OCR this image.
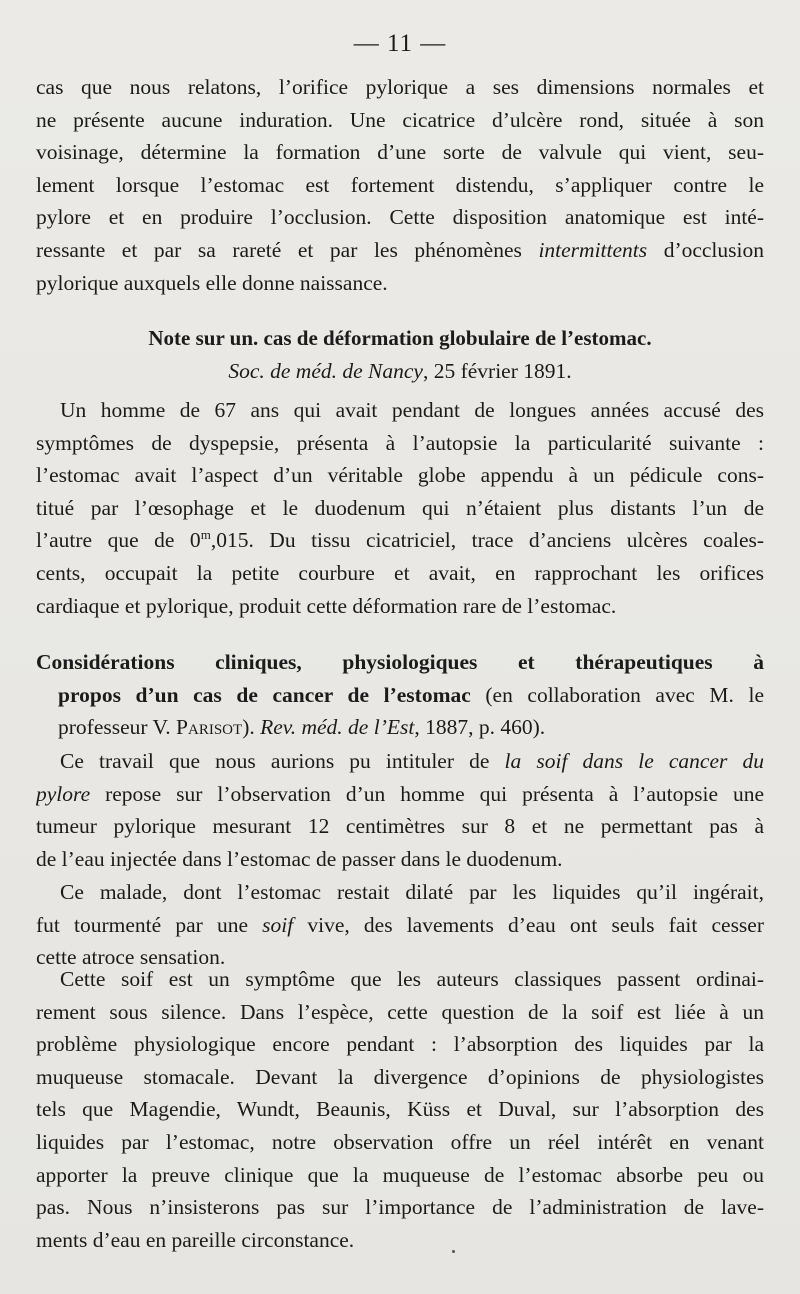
— 11 —
cas que nous relatons, l’orifice pylorique a ses dimensions normales et
ne présente aucune induration. Une cicatrice d’ulcère rond, située à son
voisinage, détermine la formation d’une sorte de valvule qui vient, seu-
lement lorsque l’estomac est fortement distendu, s’appliquer contre le
pylore et en produire l’occlusion. Cette disposition anatomique est inté-
ressante et par sa rareté et par les phénomènes intermittents d’occlusion
pylorique auxquels elle donne naissance.
Note sur un. cas de déformation globulaire de l’estomac.
Soc. de méd. de Nancy, 25 février 1891.
Un homme de 67 ans qui avait pendant de longues années accusé des
symptômes de dyspepsie, présenta à l’autopsie la particularité suivante :
l’estomac avait l’aspect d’un véritable globe appendu à un pédicule cons-
titué par l’œsophage et le duodenum qui n’étaient plus distants l’un de
l’autre que de 0$^m$,015. Du tissu cicatriciel, trace d’anciens ulcères coales-
cents, occupait la petite courbure et avait, en rapprochant les orifices
cardiaque et pylorique, produit cette déformation rare de l’estomac.
Considérations cliniques, physiologiques et thérapeutiques à
propos d’un cas de cancer de l’estomac (en collaboration avec M. le
professeur V. Parisot). Rev. méd. de l’Est, 1887, p. 460).
Ce travail que nous aurions pu intituler de la soif dans le cancer du
pylore repose sur l’observation d’un homme qui présenta à l’autopsie une
tumeur pylorique mesurant 12 centimètres sur 8 et ne permettant pas à
de l’eau injectée dans l’estomac de passer dans le duodenum.
Ce malade, dont l’estomac restait dilaté par les liquides qu’il ingérait,
fut tourmenté par une soif vive, des lavements d’eau ont seuls fait cesser
cette atroce sensation.
Cette soif est un symptôme que les auteurs classiques passent ordinai-
rement sous silence. Dans l’espèce, cette question de la soif est liée à un
problème physiologique encore pendant : l’absorption des liquides par la
muqueuse stomacale. Devant la divergence d’opinions de physiologistes
tels que Magendie, Wundt, Beaunis, Küss et Duval, sur l’absorption des
liquides par l’estomac, notre observation offre un réel intérêt en venant
apporter la preuve clinique que la muqueuse de l’estomac absorbe peu ou
pas. Nous n’insisterons pas sur l’importance de l’administration de lave-
ments d’eau en pareille circonstance.
